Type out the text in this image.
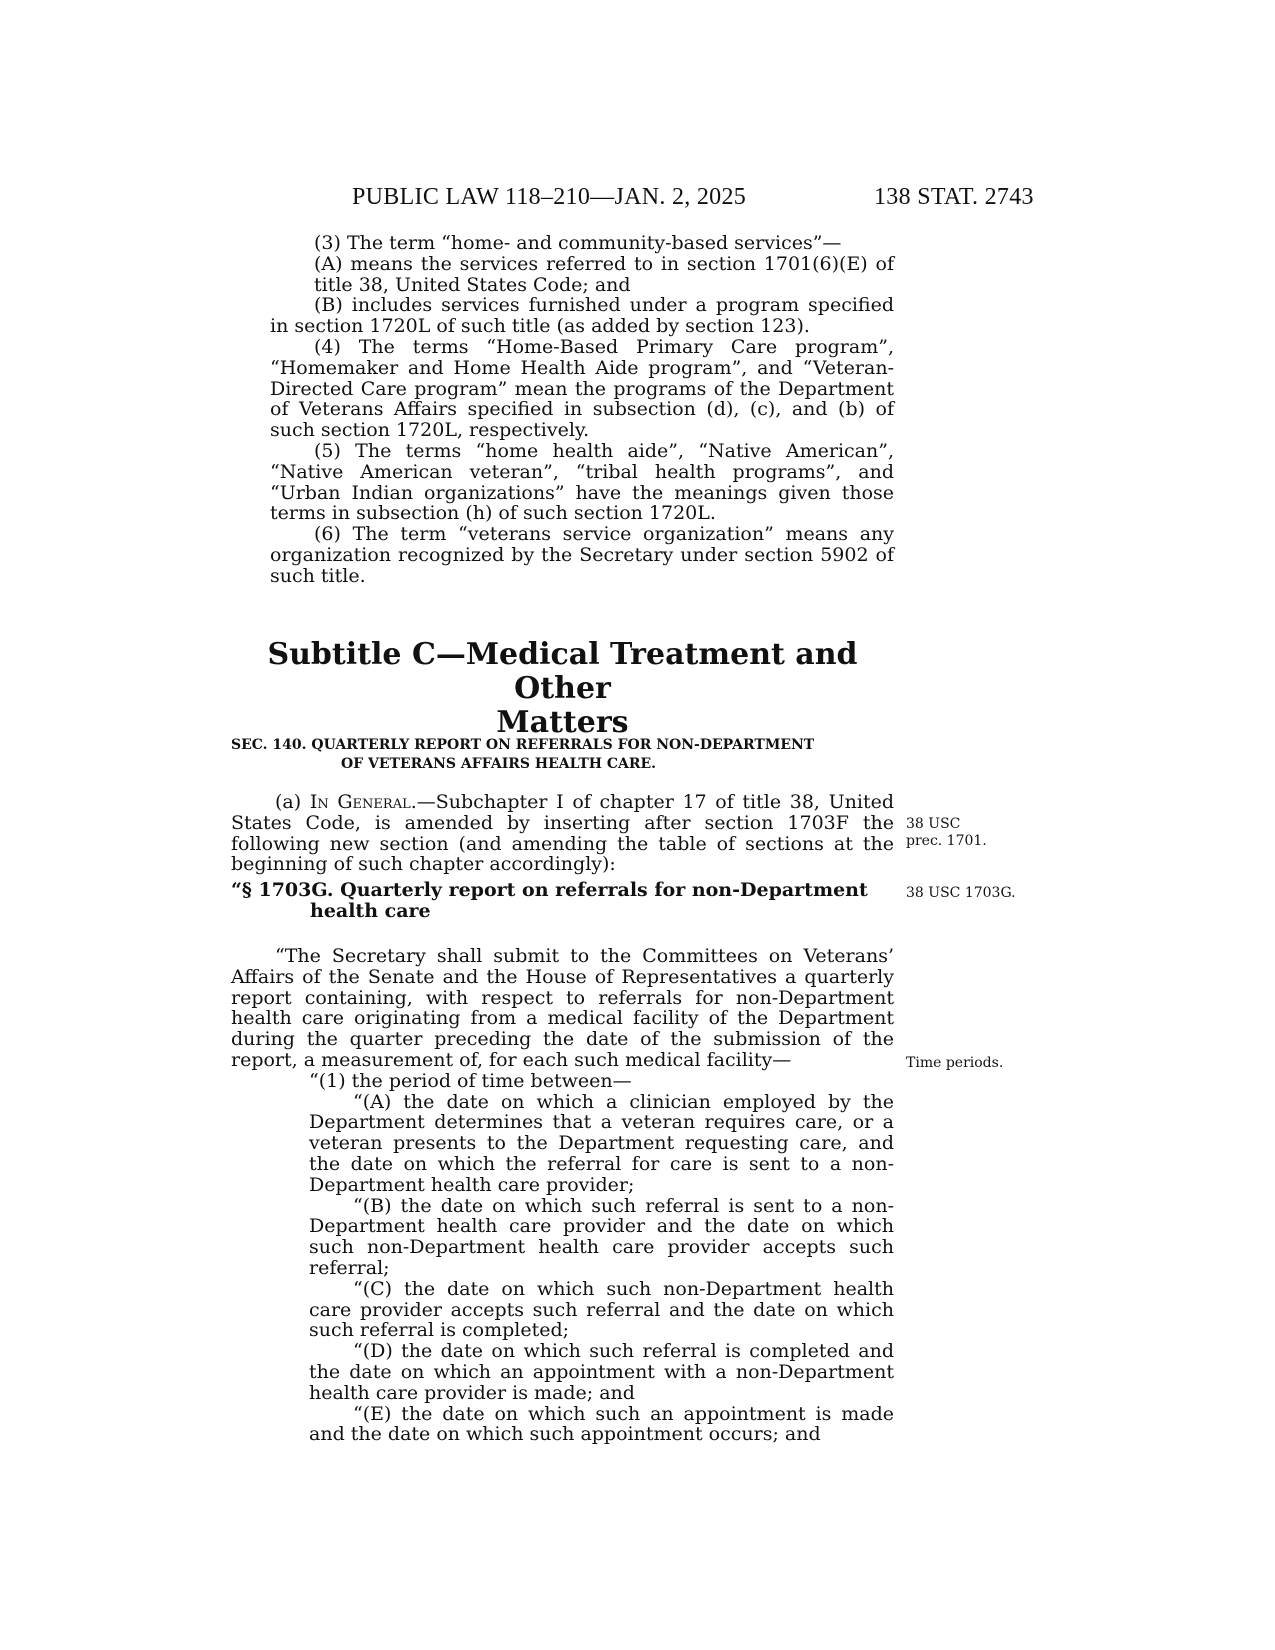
PUBLIC LAW 118–210—JAN. 2, 2025	138 STAT. 2743

(3) The term “home- and community-based services”—

(A) means the services referred to in section 1701(6)(E) of title 38, United States Code; and

(B) includes services furnished under a program specified in section 1720L of such title (as added by section 123).

(4) The terms “Home-Based Primary Care program”, “Homemaker and Home Health Aide program”, and “Veteran-Directed Care program” mean the programs of the Department of Veterans Affairs specified in subsection (d), (c), and (b) of such section 1720L, respectively.

(5) The terms “home health aide”, “Native American”, “Native American veteran”, “tribal health programs”, and “Urban Indian organizations” have the meanings given those terms in subsection (h) of such section 1720L.

(6) The term “veterans service organization” means any organization recognized by the Secretary under section 5902 of such title.

Subtitle C—Medical Treatment and Other
Matters
SEC. 140. QUARTERLY REPORT ON REFERRALS FOR NON-DEPARTMENT
OF VETERANS AFFAIRS HEALTH CARE.

(a) In General.—Subchapter I of chapter 17 of title 38, United States Code, is amended by inserting after section 1703F the following new section (and amending the table of sections at the beginning of such chapter accordingly):

“§ 1703G. Quarterly report on referrals for non-Department
health care

“The Secretary shall submit to the Committees on Veterans’ Affairs of the Senate and the House of Representatives a quarterly report containing, with respect to referrals for non-Department health care originating from a medical facility of the Department during the quarter preceding the date of the submission of the report, a measurement of, for each such medical facility—

“(1) the period of time between—

“(A) the date on which a clinician employed by the Department determines that a veteran requires care, or a veteran presents to the Department requesting care, and the date on which the referral for care is sent to a non-Department health care provider;

“(B) the date on which such referral is sent to a non-Department health care provider and the date on which such non-Department health care provider accepts such referral;

“(C) the date on which such non-Department health care provider accepts such referral and the date on which such referral is completed;

“(D) the date on which such referral is completed and the date on which an appointment with a non-Department health care provider is made; and

“(E) the date on which such an appointment is made and the date on which such appointment occurs; and

38 USC
prec. 1701.
38 USC 1703G.
Time periods.
